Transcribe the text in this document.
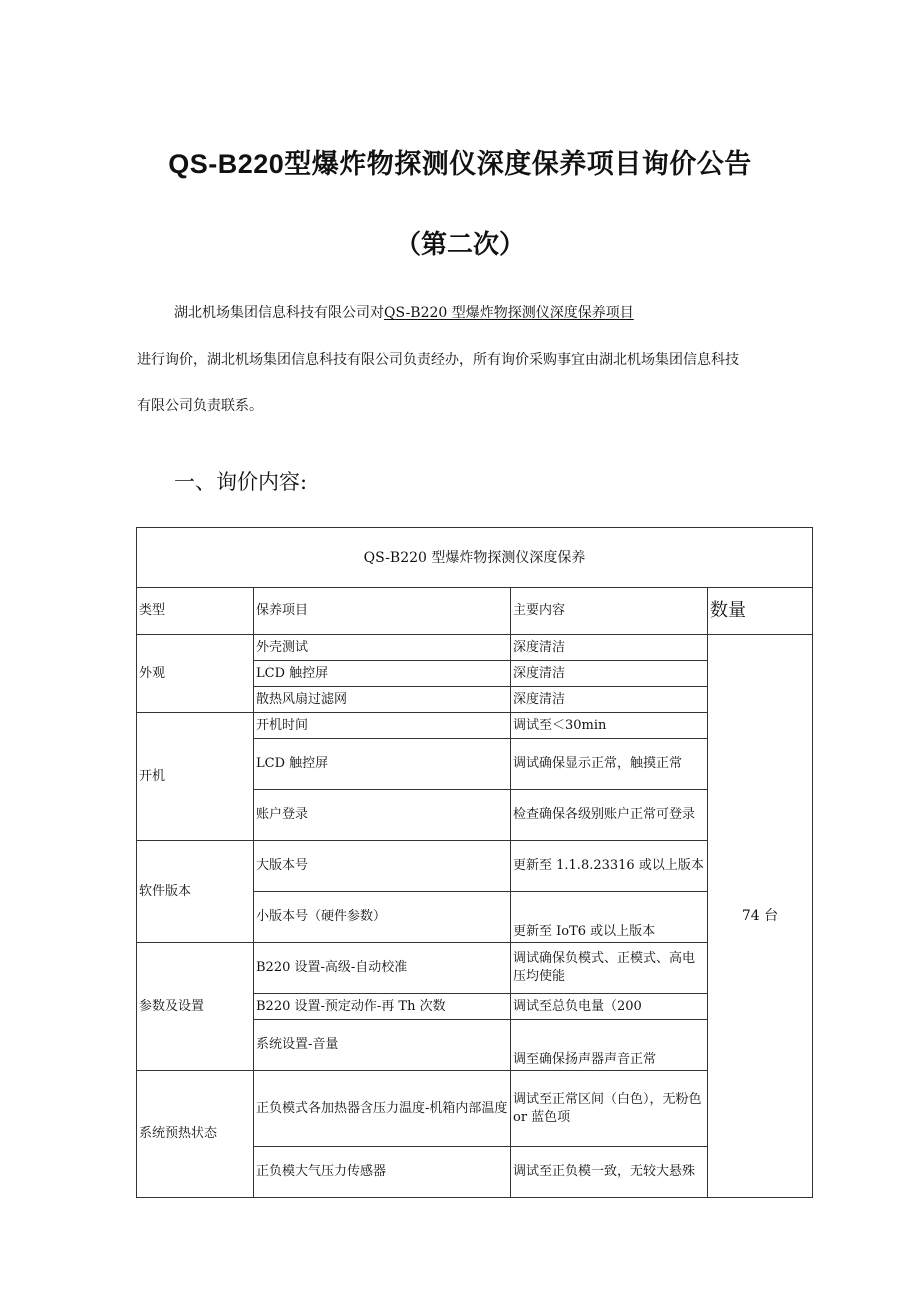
QS-B220型爆炸物探测仪深度保养项目询价公告
（第二次）
湖北机场集团信息科技有限公司对QS-B220 型爆炸物探测仪深度保养项目
进行询价，湖北机场集团信息科技有限公司负责经办，所有询价采购事宜由湖北机场集团信息科技
有限公司负责联系。
一、询价内容:
QS-B220 型爆炸物探测仪深度保养			
类型	保养项目	主要内容	数量
外观	外壳测试	深度清洁	74 台
	LCD 触控屏	深度清洁	
	散热风扇过滤网	深度清洁	
开机	开机时间	调试至＜30min	
	LCD 触控屏	调试确保显示正常，触摸正常	
	账户登录	检查确保各级别账户正常可登录	
软件版本	大版本号	更新至 1.1.8.23316 或以上版本	
	小版本号（硬件参数）	更新至 IoT6 或以上版本	
参数及设置	B220 设置-高级-自动校准	调试确保负模式、正模式、高电压均使能	
	B220 设置-预定动作-再 Th 次数	调试至总负电量（200	
	系统设置-音量	调至确保扬声器声音正常	
系统预热状态	正负模式各加热器含压力温度-机箱内部温度	调试至正常区间（白色），无粉色 or 蓝色项	
	正负模大气压力传感器	调试至正负模一致，无较大悬殊	
